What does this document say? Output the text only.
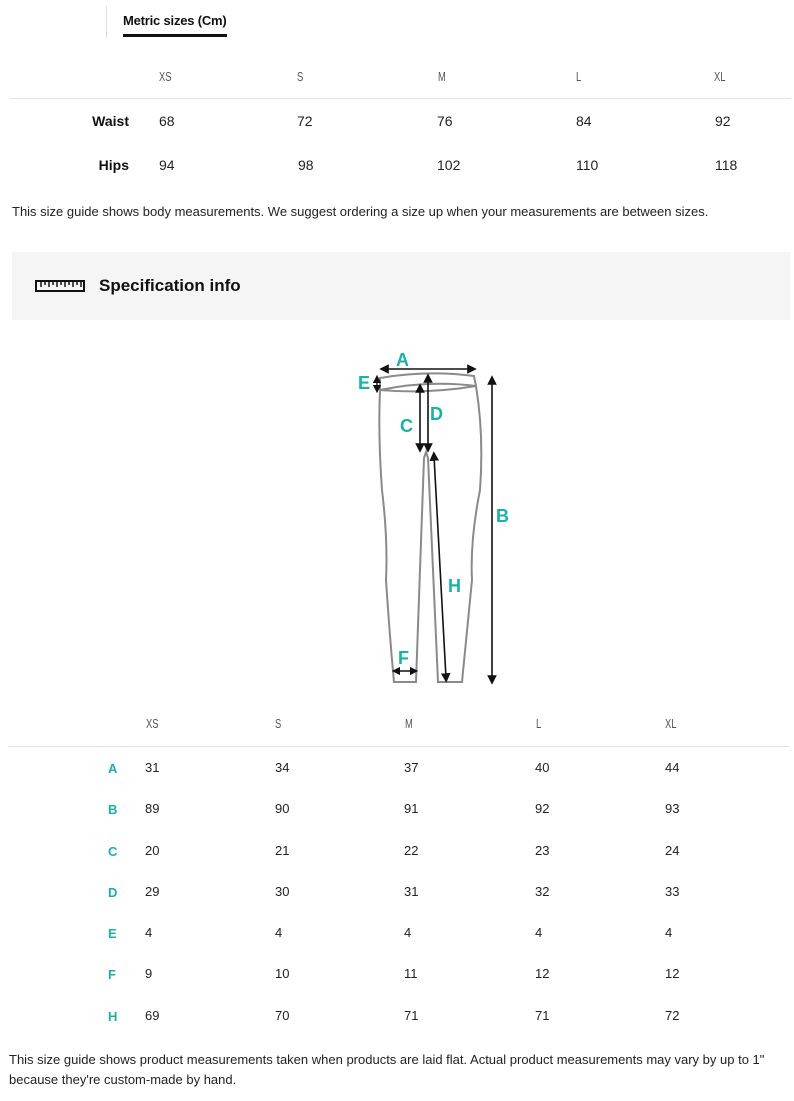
Metric sizes (Cm)
XS	S	M	L	XL
Waist 68	72	76	84	92
Hips 94	98	102	110	118
This size guide shows body measurements. We suggest ordering a size up when your measurements are between sizes.
Specification info
A
E
C
D
B
H
F
XS	S	M	L	XL
A 31	34	37	40	44
B 89	90	91	92	93
C 20	21	22	23	24
D 29	30	31	32	33
E 4	4	4	4	4
F 9	10	11	12	12
H 69	70	71	71	72
This size guide shows product measurements taken when products are laid flat. Actual product measurements may vary by up to 1" because they're custom-made by hand.
